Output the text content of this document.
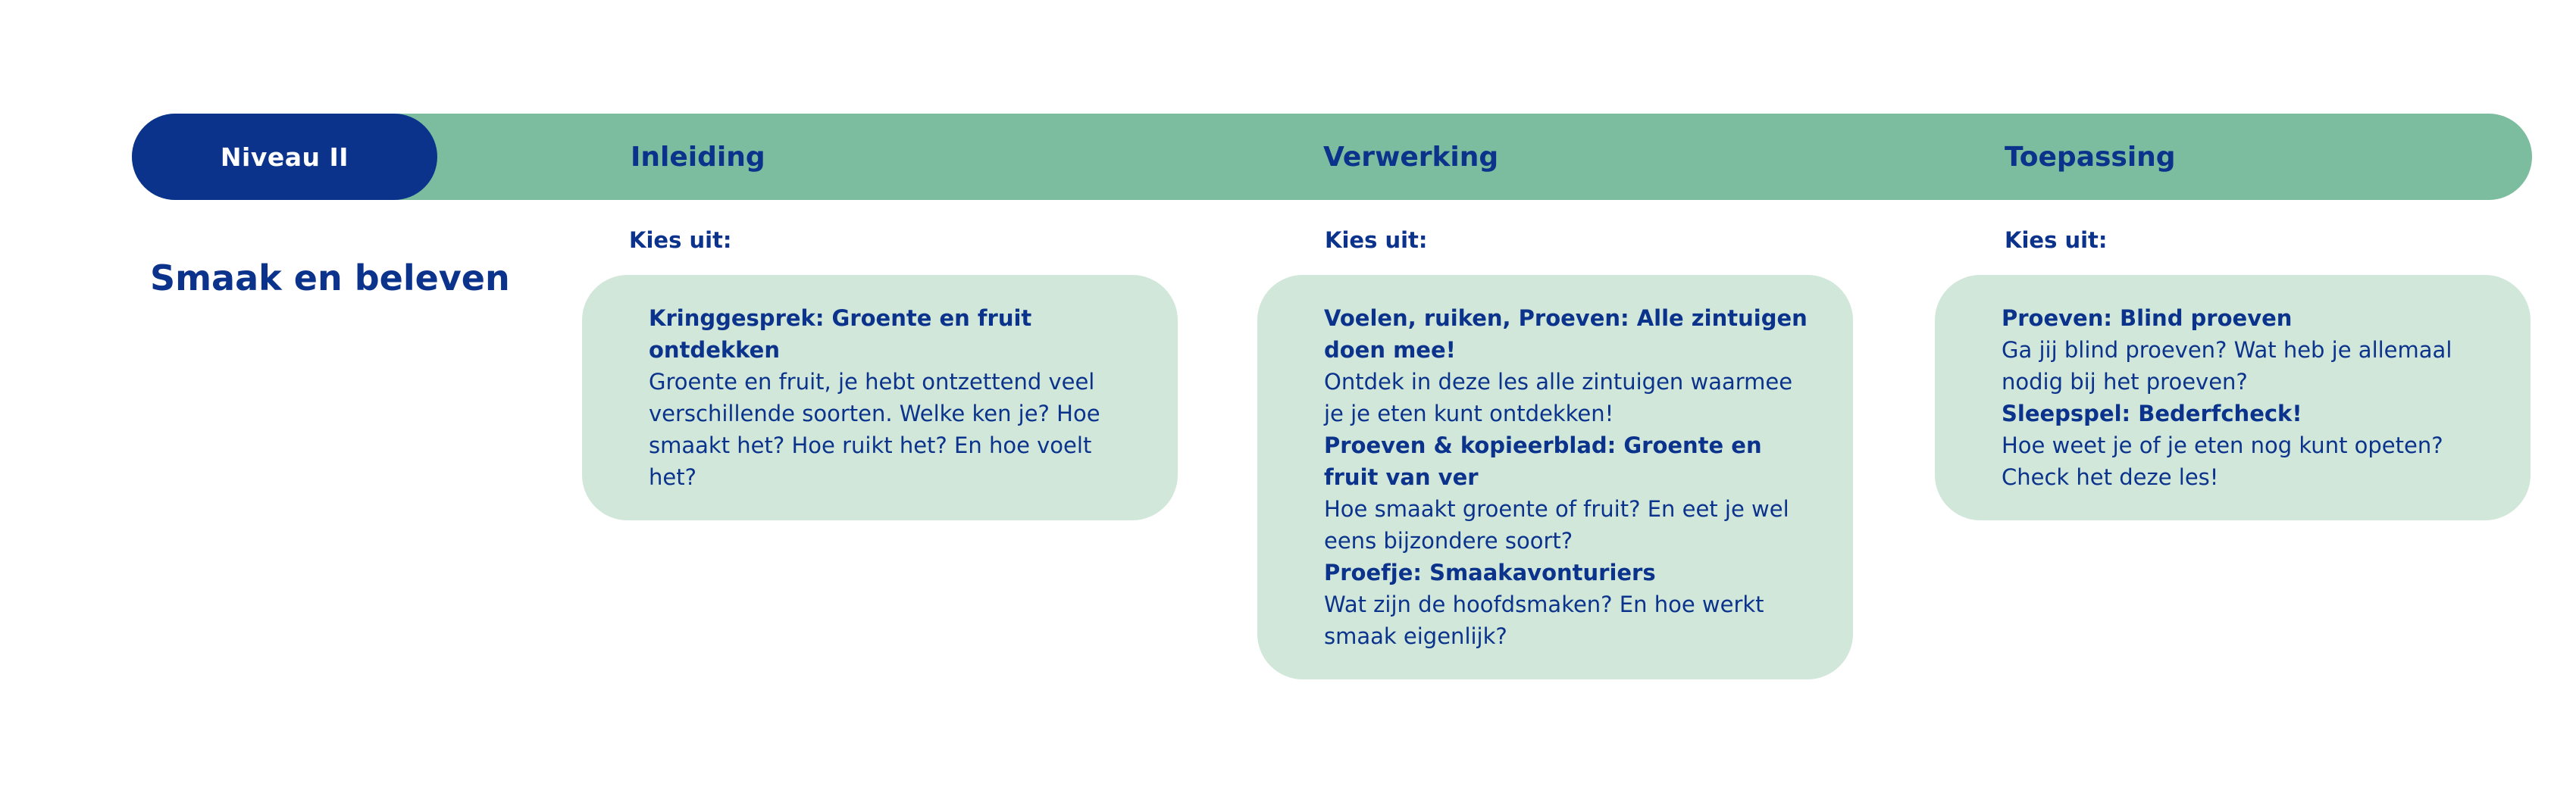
Niveau II	Inleiding	Verwerking	Toepassing
Smaak en beleven
Kies uit:
Kringgesprek: Groente en fruit ontdekken
Groente en fruit, je hebt ontzettend veel verschillende soorten. Welke ken je? Hoe smaakt het? Hoe ruikt het? En hoe voelt het?
Kies uit:
Voelen, ruiken, Proeven: Alle zintuigen doen mee!
Ontdek in deze les alle zintuigen waarmee je je eten kunt ontdekken!
Proeven & kopieerblad: Groente en fruit van ver
Hoe smaakt groente of fruit? En eet je wel eens bijzondere soort?
Proefje: Smaakavonturiers
Wat zijn de hoofdsmaken? En hoe werkt smaak eigenlijk?
Kies uit:
Proeven: Blind proeven
Ga jij blind proeven? Wat heb je allemaal nodig bij het proeven?
Sleepspel: Bederfcheck!
Hoe weet je of je eten nog kunt opeten? Check het deze les!
